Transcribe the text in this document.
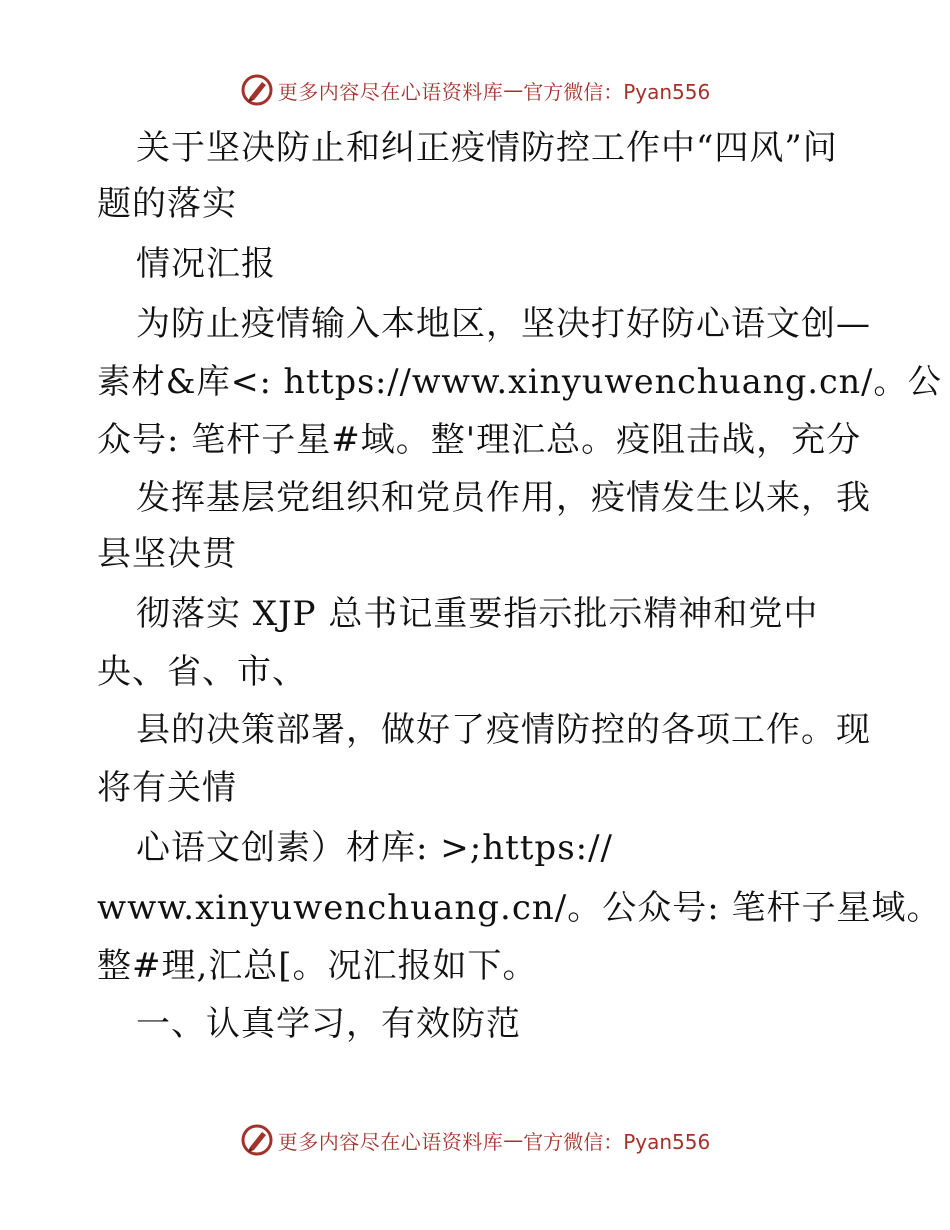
更多内容尽在心语资料库 — 官方微信：Pyan556
关于坚决防止和纠正疫情防控工作中“四风”问
题的落实
情况汇报
为防止疫情输入本地区，坚决打好防心语文创—
素材&库<: https://www.xinyuwenchuang.cn/。公
众号: 笔杆子星#域。整'理汇总。疫阻击战，充分
发挥基层党组织和党员作用，疫情发生以来，我
县坚决贯
彻落实 XJP 总书记重要指示批示精神和党中
央、省、市、
县的决策部署，做好了疫情防控的各项工作。现
将有关情
心语文创素）材库: >;https://
www.xinyuwenchuang.cn/。公众号: 笔杆子星域。
整#理,汇总[。况汇报如下。
一、认真学习，有效防范
更多内容尽在心语资料库 — 官方微信：Pyan556
